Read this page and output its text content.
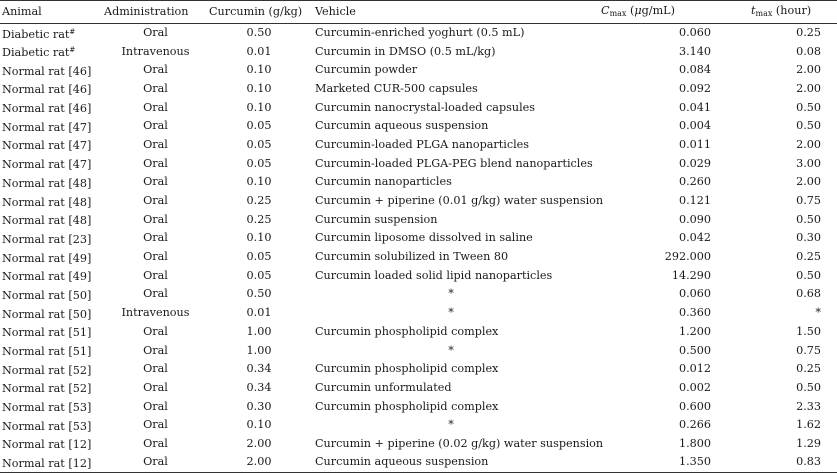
Animal	Administration	Curcumin (g/kg)	Vehicle	$C_{max}$ (μg/mL)	$t_{max}$ (hour)
Diabetic rat#	Oral	0.50	Curcumin-enriched yoghurt (0.5 mL)	0.060	0.25
Diabetic rat#	Intravenous	0.01	Curcumin in DMSO (0.5 mL/kg)	3.140	0.08
Normal rat [46]	Oral	0.10	Curcumin powder	0.084	2.00
Normal rat [46]	Oral	0.10	Marketed CUR-500 capsules	0.092	2.00
Normal rat [46]	Oral	0.10	Curcumin nanocrystal-loaded capsules	0.041	0.50
Normal rat [47]	Oral	0.05	Curcumin aqueous suspension	0.004	0.50
Normal rat [47]	Oral	0.05	Curcumin-loaded PLGA nanoparticles	0.011	2.00
Normal rat [47]	Oral	0.05	Curcumin-loaded PLGA-PEG blend nanoparticles	0.029	3.00
Normal rat [48]	Oral	0.10	Curcumin nanoparticles	0.260	2.00
Normal rat [48]	Oral	0.25	Curcumin + piperine (0.01 g/kg) water suspension	0.121	0.75
Normal rat [48]	Oral	0.25	Curcumin suspension	0.090	0.50
Normal rat [23]	Oral	0.10	Curcumin liposome dissolved in saline	0.042	0.30
Normal rat [49]	Oral	0.05	Curcumin solubilized in Tween 80	292.000	0.25
Normal rat [49]	Oral	0.05	Curcumin loaded solid lipid nanoparticles	14.290	0.50
Normal rat [50]	Oral	0.50	*	0.060	0.68
Normal rat [50]	Intravenous	0.01	*	0.360	*
Normal rat [51]	Oral	1.00	Curcumin phospholipid complex	1.200	1.50
Normal rat [51]	Oral	1.00	*	0.500	0.75
Normal rat [52]	Oral	0.34	Curcumin phospholipid complex	0.012	0.25
Normal rat [52]	Oral	0.34	Curcumin unformulated	0.002	0.50
Normal rat [53]	Oral	0.30	Curcumin phospholipid complex	0.600	2.33
Normal rat [53]	Oral	0.10	*	0.266	1.62
Normal rat [12]	Oral	2.00	Curcumin + piperine (0.02 g/kg) water suspension	1.800	1.29
Normal rat [12]	Oral	2.00	Curcumin aqueous suspension	1.350	0.83
